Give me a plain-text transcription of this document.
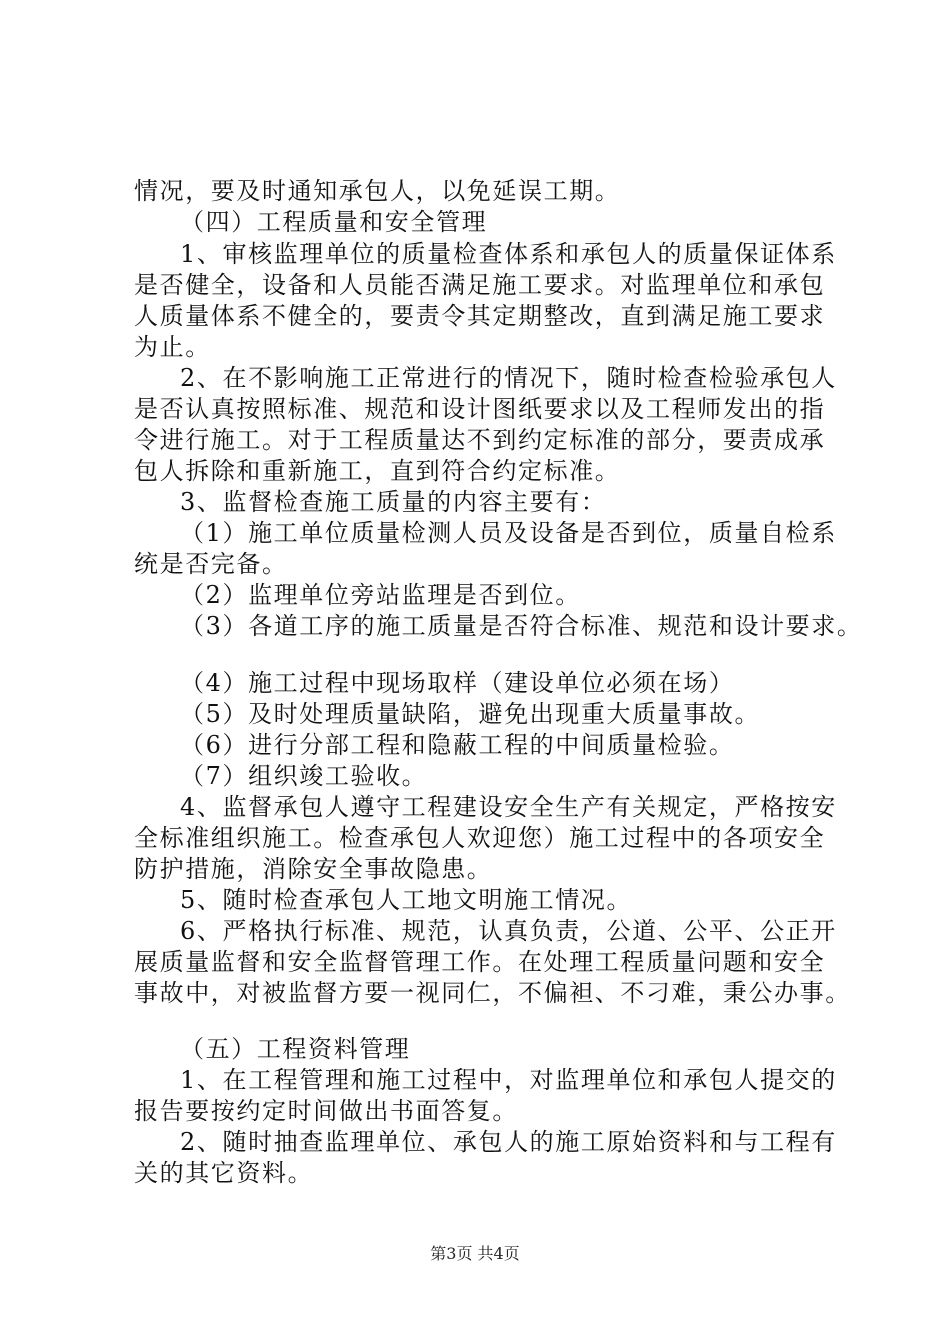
情况，要及时通知承包人，以免延误工期。
（四）工程质量和安全管理
1、审核监理单位的质量检查体系和承包人的质量保证体系
是否健全，设备和人员能否满足施工要求。对监理单位和承包
人质量体系不健全的，要责令其定期整改，直到满足施工要求
为止。
2、在不影响施工正常进行的情况下，随时检查检验承包人
是否认真按照标准、规范和设计图纸要求以及工程师发出的指
令进行施工。对于工程质量达不到约定标准的部分，要责成承
包人拆除和重新施工，直到符合约定标准。
3、监督检查施工质量的内容主要有：
（1）施工单位质量检测人员及设备是否到位，质量自检系
统是否完备。
（2）监理单位旁站监理是否到位。
（3）各道工序的施工质量是否符合标准、规范和设计要求。
（4）施工过程中现场取样（建设单位必须在场）
（5）及时处理质量缺陷，避免出现重大质量事故。
（6）进行分部工程和隐蔽工程的中间质量检验。
（7）组织竣工验收。
4、监督承包人遵守工程建设安全生产有关规定，严格按安
全标准组织施工。检查承包人欢迎您）施工过程中的各项安全
防护措施，消除安全事故隐患。
5、随时检查承包人工地文明施工情况。
6、严格执行标准、规范，认真负责，公道、公平、公正开
展质量监督和安全监督管理工作。在处理工程质量问题和安全
事故中，对被监督方要一视同仁，不偏袒、不刁难，秉公办事。
（五）工程资料管理
1、在工程管理和施工过程中，对监理单位和承包人提交的
报告要按约定时间做出书面答复。
2、随时抽查监理单位、承包人的施工原始资料和与工程有
关的其它资料。
第3页 共4页
